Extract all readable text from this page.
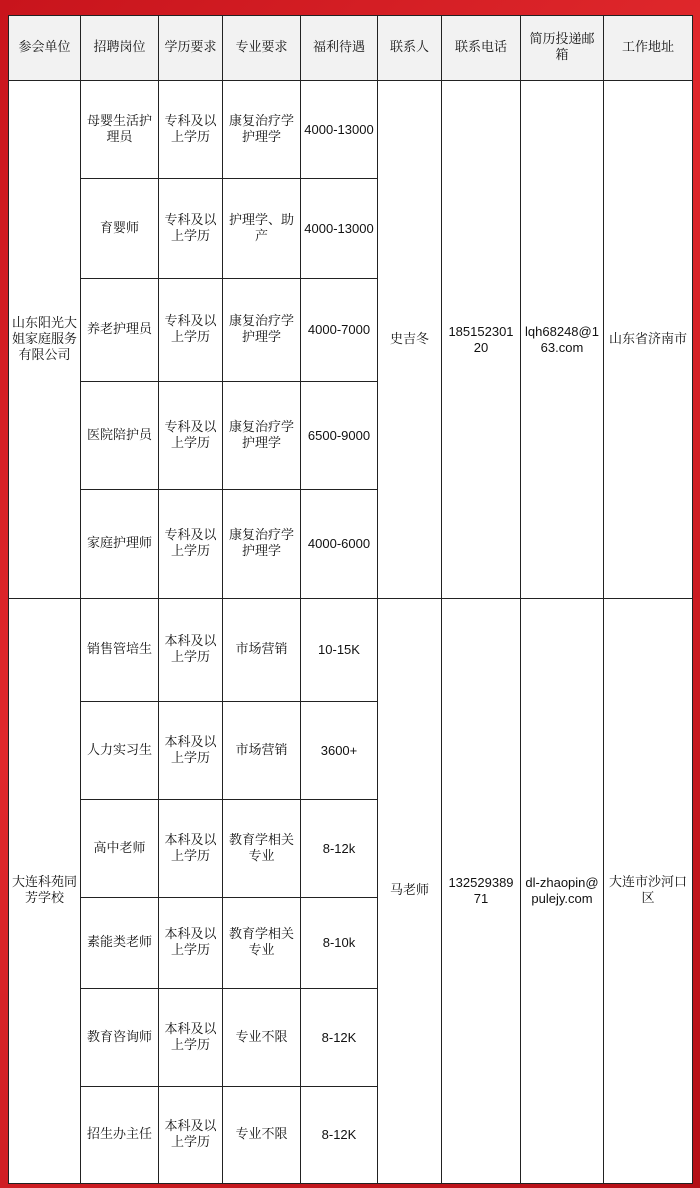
参会单位	招聘岗位	学历要求	专业要求	福利待遇	联系人	联系电话	简历投递邮箱	工作地址
山东阳光大姐家庭服务有限公司	母婴生活护理员	专科及以上学历	康复治疗学护理学	4000-13000	史吉冬	18515230120	lqh68248@163.com	山东省济南市
	育婴师	专科及以上学历	护理学、助产	4000-13000				
	养老护理员	专科及以上学历	康复治疗学护理学	4000-7000				
	医院陪护员	专科及以上学历	康复治疗学护理学	6500-9000				
	家庭护理师	专科及以上学历	康复治疗学护理学	4000-6000				
大连科苑同芳学校	销售管培生	本科及以上学历	市场营销	10-15K	马老师	13252938971	dl-zhaopin@pulejy.com	大连市沙河口区
	人力实习生	本科及以上学历	市场营销	3600+				
	高中老师	本科及以上学历	教育学相关专业	8-12k				
	素能类老师	本科及以上学历	教育学相关专业	8-10k				
	教育咨询师	本科及以上学历	专业不限	8-12K				
	招生办主任	本科及以上学历	专业不限	8-12K				
